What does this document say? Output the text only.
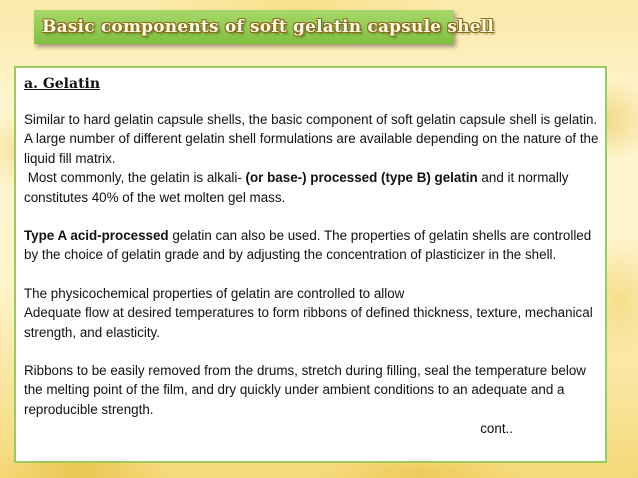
Basic components of soft gelatin capsule shell
a. Gelatin

Similar to hard gelatin capsule shells, the basic component of soft gelatin capsule shell is gelatin. A large number of different gelatin shell formulations are available depending on the nature of the liquid fill matrix.

Most commonly, the gelatin is alkali- (or base-) processed (type B) gelatin and it normally constitutes 40% of the wet molten gel mass.

Type A acid-processed gelatin can also be used. The properties of gelatin shells are controlled by the choice of gelatin grade and by adjusting the concentration of plasticizer in the shell.

The physicochemical properties of gelatin are controlled to allow

Adequate flow at desired temperatures to form ribbons of defined thickness, texture, mechanical strength, and elasticity.

Ribbons to be easily removed from the drums, stretch during filling, seal the temperature below the melting point of the film, and dry quickly under ambient conditions to an adequate and a reproducible strength.

cont..
